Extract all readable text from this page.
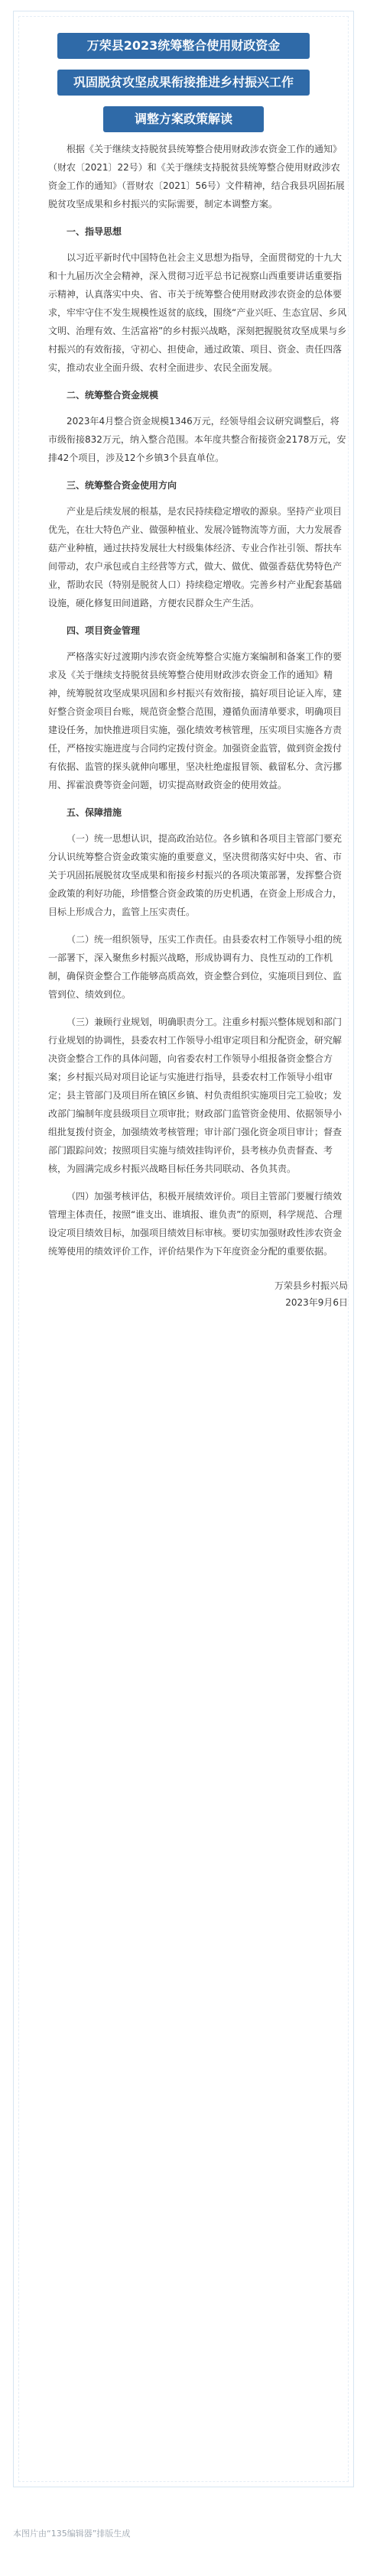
万荣县2023统筹整合使用财政资金
巩固脱贫攻坚成果衔接推进乡村振兴工作
调整方案政策解读

根据《关于继续支持脱贫县统筹整合使用财政涉农资金工作的通知》（财农〔2021〕22号）和《关于继续支持脱贫县统筹整合使用财政涉农资金工作的通知》（晋财农〔2021〕56号）文件精神，结合我县巩固拓展脱贫攻坚成果和乡村振兴的实际需要，制定本调整方案。

一、指导思想

以习近平新时代中国特色社会主义思想为指导，全面贯彻党的十九大和十九届历次全会精神，深入贯彻习近平总书记视察山西重要讲话重要指示精神，认真落实中央、省、市关于统筹整合使用财政涉农资金的总体要求，牢牢守住不发生规模性返贫的底线，围绕“产业兴旺、生态宜居、乡风文明、治理有效、生活富裕”的乡村振兴战略，深刻把握脱贫攻坚成果与乡村振兴的有效衔接，守初心、担使命，通过政策、项目、资金、责任四落实，推动农业全面升级、农村全面进步、农民全面发展。

二、统筹整合资金规模

2023年4月整合资金规模1346万元，经领导组会议研究调整后，将市级衔接832万元，纳入整合范围。本年度共整合衔接资金2178万元，安排42个项目，涉及12个乡镇3个县直单位。

三、统筹整合资金使用方向

产业是后续发展的根基，是农民持续稳定增收的源泉。坚持产业项目优先，在壮大特色产业、做强种植业、发展冷链物流等方面，大力发展香菇产业种植，通过扶持发展壮大村级集体经济、专业合作社引领、帮扶车间带动，农户承包或自主经营等方式，做大、做优、做强香菇优势特色产业，帮助农民（特别是脱贫人口）持续稳定增收。完善乡村产业配套基础设施，硬化修复田间道路，方便农民群众生产生活。

四、项目资金管理

严格落实好过渡期内涉农资金统筹整合实施方案编制和备案工作的要求及《关于继续支持脱贫县统筹整合使用财政涉农资金工作的通知》精神，统筹脱贫攻坚成果巩固和乡村振兴有效衔接，搞好项目论证入库，建好整合资金项目台账，规范资金整合范围，遵循负面清单要求，明确项目建设任务，加快推进项目实施，强化绩效考核管理，压实项目实施各方责任，严格按实施进度与合同约定拨付资金。加强资金监管，做到资金拨付有依据、监管的探头就伸向哪里，坚决杜绝虚报冒领、截留私分、贪污挪用、挥霍浪费等资金问题，切实提高财政资金的使用效益。

五、保障措施

（一）统一思想认识，提高政治站位。各乡镇和各项目主管部门要充分认识统筹整合资金政策实施的重要意义，坚决贯彻落实好中央、省、市关于巩固拓展脱贫攻坚成果和衔接乡村振兴的各项决策部署，发挥整合资金政策的利好功能，珍惜整合资金政策的历史机遇，在资金上形成合力，目标上形成合力，监管上压实责任。

（二）统一组织领导，压实工作责任。由县委农村工作领导小组的统一部署下，深入聚焦乡村振兴战略，形成协调有力、良性互动的工作机制，确保资金整合工作能够高质高效，资金整合到位，实施项目到位、监管到位、绩效到位。

（三）兼顾行业规划，明确职责分工。注重乡村振兴整体规划和部门行业规划的协调性，县委农村工作领导小组审定项目和分配资金，研究解决资金整合工作的具体问题，向省委农村工作领导小组报备资金整合方案；乡村振兴局对项目论证与实施进行指导，县委农村工作领导小组审定；县主管部门及项目所在镇区乡镇、村负责组织实施项目完工验收；发改部门编制年度县级项目立项审批；财政部门监管资金使用、依据领导小组批复拨付资金，加强绩效考核管理；审计部门强化资金项目审计；督查部门跟踪问效；按照项目实施与绩效挂钩评价，县考核办负责督查、考核，为圆满完成乡村振兴战略目标任务共同联动、各负其责。

（四）加强考核评估，积极开展绩效评价。项目主管部门要履行绩效管理主体责任，按照“谁支出、谁填报、谁负责”的原则，科学规范、合理设定项目绩效目标，加强项目绩效目标审核。要切实加强财政性涉农资金统筹使用的绩效评价工作，评价结果作为下年度资金分配的重要依据。

万荣县乡村振兴局
2023年9月6日
本图片由“135编辑器”排版生成
